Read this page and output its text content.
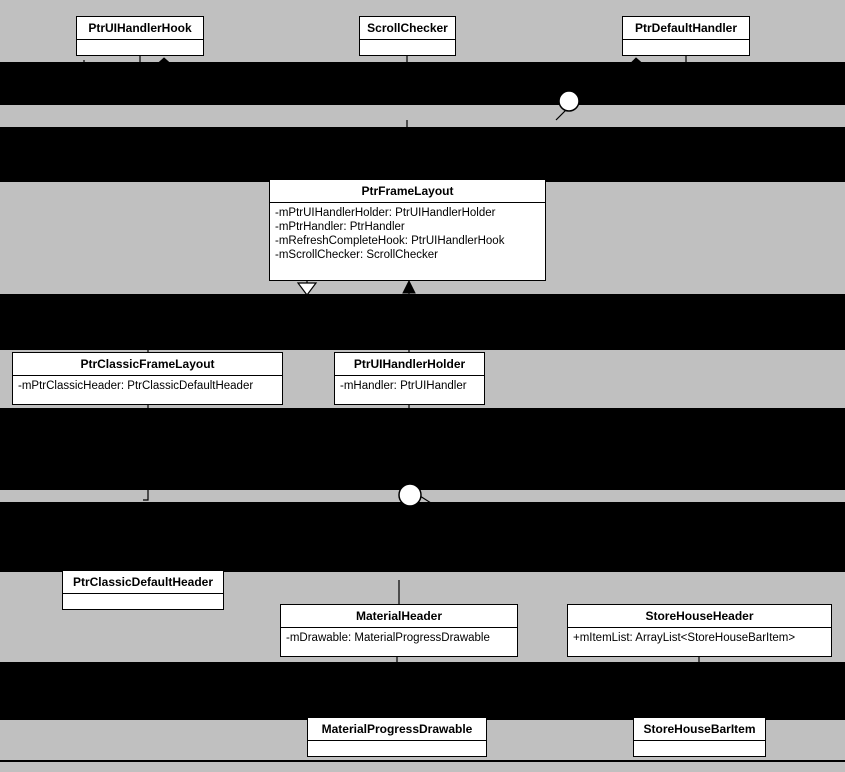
PtrUIHandlerHook	ScrollChecker	PtrDefaultHandler
PtrFrameLayout
-mPtrUIHandlerHolder: PtrUIHandlerHolder
-mPtrHandler: PtrHandler
-mRefreshCompleteHook: PtrUIHandlerHook
-mScrollChecker: ScrollChecker
PtrClassicFrameLayout
-mPtrClassicHeader: PtrClassicDefaultHeader
PtrUIHandlerHolder
-mHandler: PtrUIHandler
PtrClassicDefaultHeader
MaterialHeader
-mDrawable: MaterialProgressDrawable
StoreHouseHeader
+mItemList: ArrayList<StoreHouseBarItem>
MaterialProgressDrawable	StoreHouseBarItem
